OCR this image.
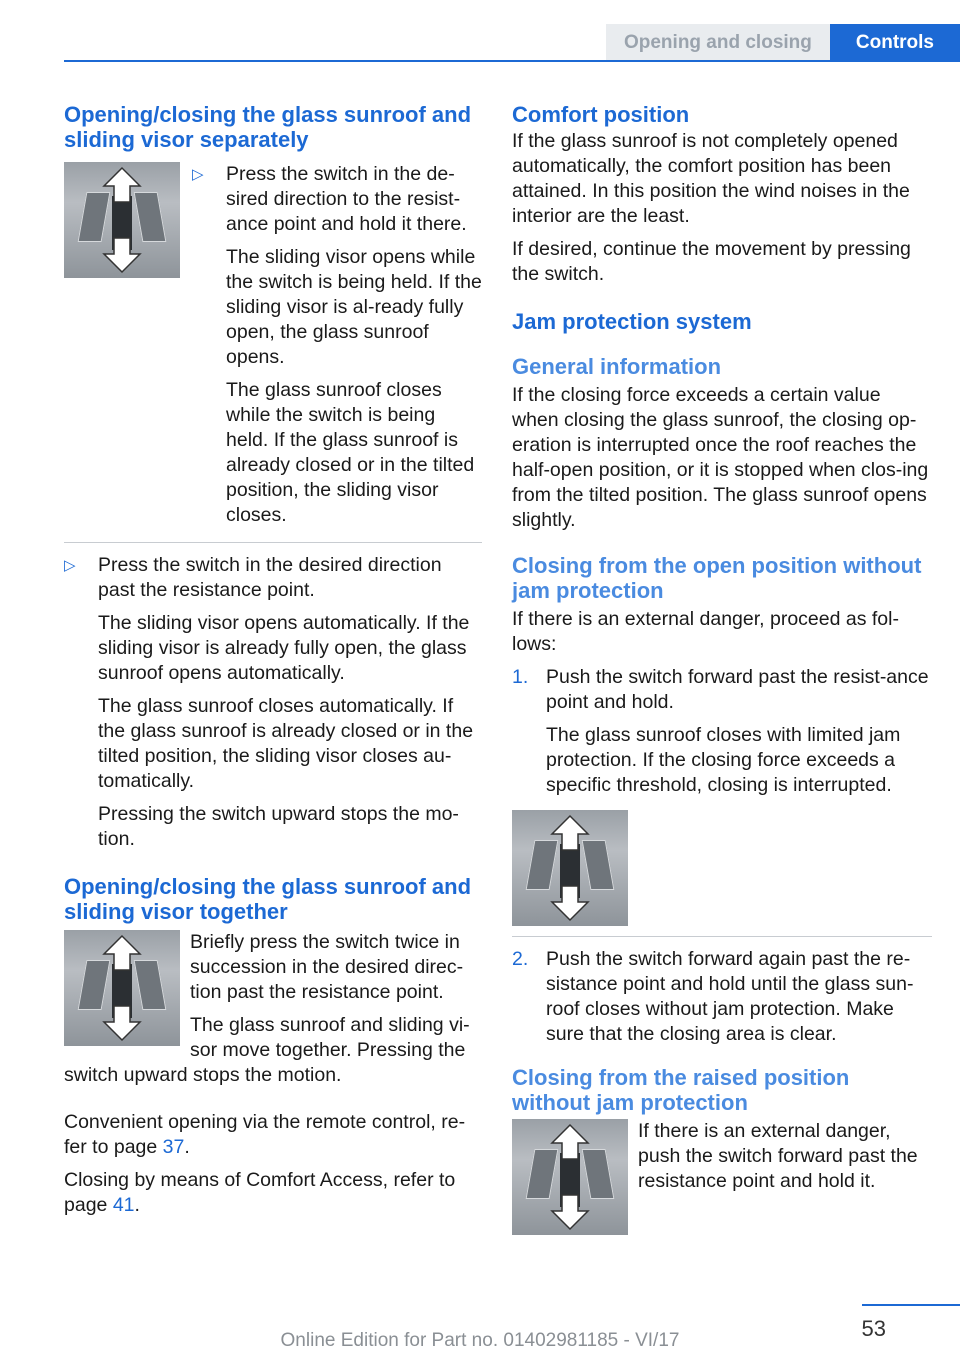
Opening and closing	Controls
Opening/closing the glass sunroof and sliding visor separately
▷	Press the switch in the de-sired direction to the resist-ance point and hold it there.

The sliding visor opens while the switch is being held. If the sliding visor is al-ready fully open, the glass sunroof opens.

The glass sunroof closes while the switch is being held. If the glass sunroof is already closed or in the tilted position, the sliding visor closes.

▷	Press the switch in the desired direction past the resistance point.

The sliding visor opens automatically. If the sliding visor is already fully open, the glass sunroof opens automatically.

The glass sunroof closes automatically. If the glass sunroof is already closed or in the tilted position, the sliding visor closes au-tomatically.

Pressing the switch upward stops the mo-tion.

Opening/closing the glass sunroof and sliding visor together

Briefly press the switch twice in succession in the desired direc-tion past the resistance point.

The glass sunroof and sliding vi-sor move together. Pressing the switch upward stops the motion.

Convenient opening via the remote control, re-fer to page 37.

Closing by means of Comfort Access, refer to page 41.

Comfort position

If the glass sunroof is not completely opened automatically, the comfort position has been attained. In this position the wind noises in the interior are the least.

If desired, continue the movement by pressing the switch.

Jam protection system
General information

If the closing force exceeds a certain value when closing the glass sunroof, the closing op-eration is interrupted once the roof reaches the half-open position, or it is stopped when clos-ing from the tilted position. The glass sunroof opens slightly.

Closing from the open position without jam protection

If there is an external danger, proceed as fol-lows:

1. Push the switch forward past the resist-ance point and hold.

The glass sunroof closes with limited jam protection. If the closing force exceeds a specific threshold, closing is interrupted.

2. Push the switch forward again past the re-sistance point and hold until the glass sun-roof closes without jam protection. Make sure that the closing area is clear.

Closing from the raised position without jam protection

If there is an external danger, push the switch forward past the resistance point and hold it.

53
Online Edition for Part no. 01402981185 - VI/17
